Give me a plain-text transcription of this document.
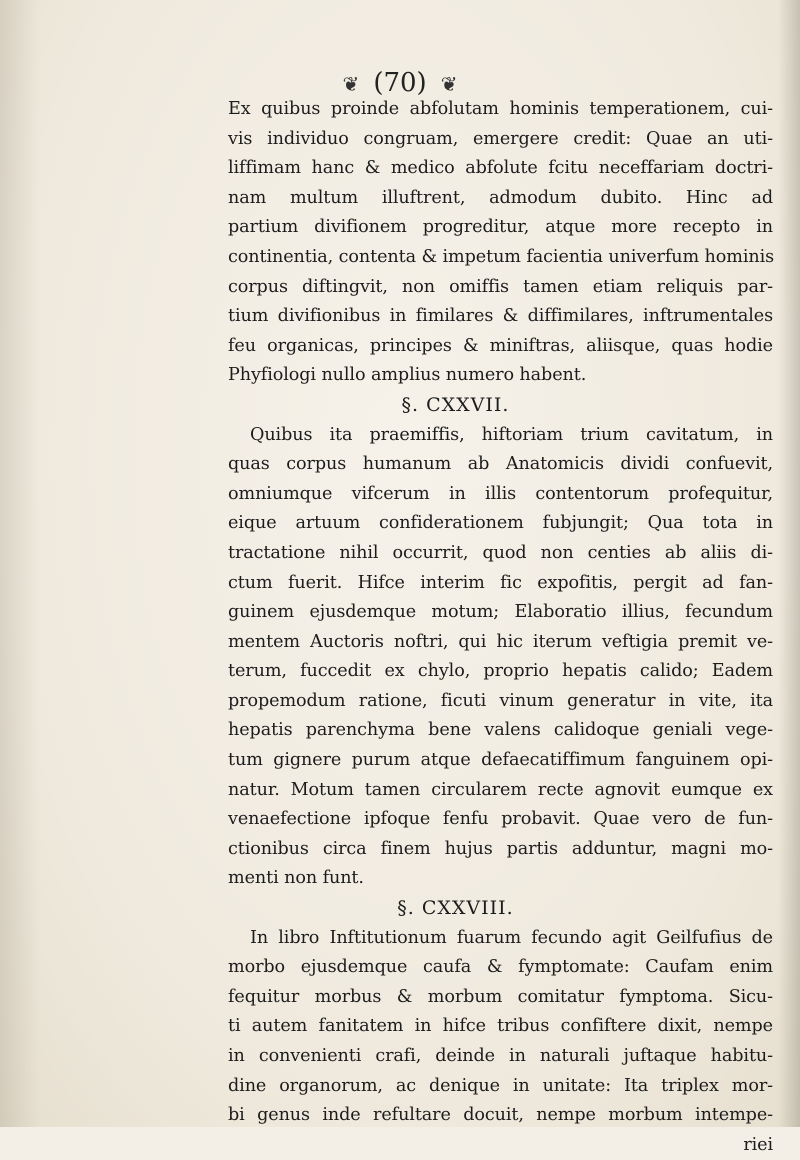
❦ (70) ❦
Ex quibus proinde abfolutam hominis temperationem, cui-
vis individuo congruam, emergere credit: Quae an uti-
liffimam hanc & medico abfolute fcitu neceffariam doctri-
nam multum illuftrent, admodum dubito. Hinc ad
partium divifionem progreditur, atque more recepto in
continentia, contenta & impetum facientia univerfum hominis
corpus diftingvit, non omiffis tamen etiam reliquis par-
tium divifionibus in fimilares & diffimilares, inftrumentales
feu organicas, principes & miniftras, aliisque, quas hodie
Phyfiologi nullo amplius numero habent.
§. CXXVII.
Quibus ita praemiffis, hiftoriam trium cavitatum, in
quas corpus humanum ab Anatomicis dividi confuevit,
omniumque vifcerum in illis contentorum profequitur,
eique artuum confiderationem fubjungit; Qua tota in
tractatione nihil occurrit, quod non centies ab aliis di-
ctum fuerit. Hifce interim fic expofitis, pergit ad fan-
guinem ejusdemque motum; Elaboratio illius, fecundum
mentem Auctoris noftri, qui hic iterum veftigia premit ve-
terum, fuccedit ex chylo, proprio hepatis calido; Eadem
propemodum ratione, ficuti vinum generatur in vite, ita
hepatis parenchyma bene valens calidoque geniali vege-
tum gignere purum atque defaecatiffimum fanguinem opi-
natur. Motum tamen circularem recte agnovit eumque ex
venaefectione ipfoque fenfu probavit. Quae vero de fun-
ctionibus circa finem hujus partis adduntur, magni mo-
menti non funt.
§. CXXVIII.
In libro Inftitutionum fuarum fecundo agit Geilfufius de
morbo ejusdemque caufa & fymptomate: Caufam enim
fequitur morbus & morbum comitatur fymptoma. Sicu-
ti autem fanitatem in hifce tribus confiftere dixit, nempe
in convenienti crafi, deinde in naturali juftaque habitu-
dine organorum, ac denique in unitate: Ita triplex mor-
bi genus inde refultare docuit, nempe morbum intempe-
riei
